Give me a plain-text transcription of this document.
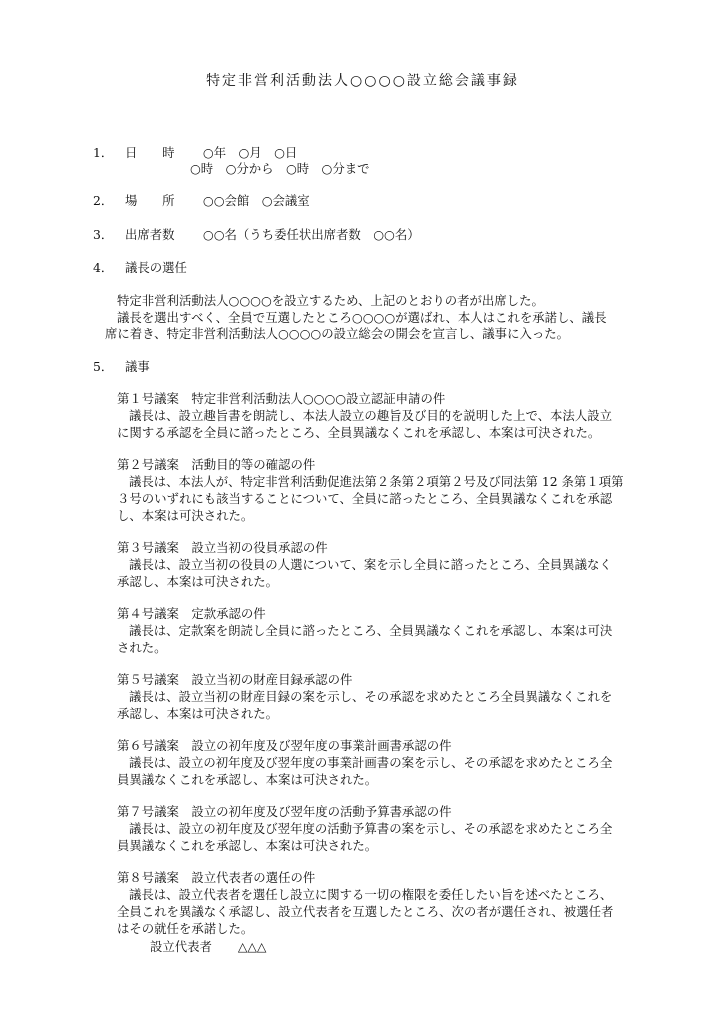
特定非営利活動法人○○○○設立総会議事録
1． 日　　時 ○年　○月　○日
○時　○分から　○時　○分まで
2． 場　　所 ○○会館　○会議室
3． 出席者数 ○○名（うち委任状出席者数　○○名）
4． 議長の選任
特定非営利活動法人○○○○を設立するため、上記のとおりの者が出席した。
議長を選出すべく、全員で互選したところ○○○○が選ばれ、本人はこれを承諾し、議長
席に着き、特定非営利活動法人○○○○の設立総会の開会を宣言し、議事に入った。
5． 議事
第１号議案　特定非営利活動法人○○○○設立認証申請の件
議長は、設立趣旨書を朗読し、本法人設立の趣旨及び目的を説明した上で、本法人設立
に関する承認を全員に諮ったところ、全員異議なくこれを承認し、本案は可決された。
第２号議案　活動目的等の確認の件
議長は、本法人が、特定非営利活動促進法第２条第２項第２号及び同法第 12 条第１項第
３号のいずれにも該当することについて、全員に諮ったところ、全員異議なくこれを承認
し、本案は可決された。
第３号議案　設立当初の役員承認の件
議長は、設立当初の役員の人選について、案を示し全員に諮ったところ、全員異議なく
承認し、本案は可決された。
第４号議案　定款承認の件
議長は、定款案を朗読し全員に諮ったところ、全員異議なくこれを承認し、本案は可決
された。
第５号議案　設立当初の財産目録承認の件
議長は、設立当初の財産目録の案を示し、その承認を求めたところ全員異議なくこれを
承認し、本案は可決された。
第６号議案　設立の初年度及び翌年度の事業計画書承認の件
議長は、設立の初年度及び翌年度の事業計画書の案を示し、その承認を求めたところ全
員異議なくこれを承認し、本案は可決された。
第７号議案　設立の初年度及び翌年度の活動予算書承認の件
議長は、設立の初年度及び翌年度の活動予算書の案を示し、その承認を求めたところ全
員異議なくこれを承認し、本案は可決された。
第８号議案　設立代表者の選任の件
議長は、設立代表者を選任し設立に関する一切の権限を委任したい旨を述べたところ、
全員これを異議なく承認し、設立代表者を互選したところ、次の者が選任され、被選任者
はその就任を承諾した。
設立代表者 △△△
